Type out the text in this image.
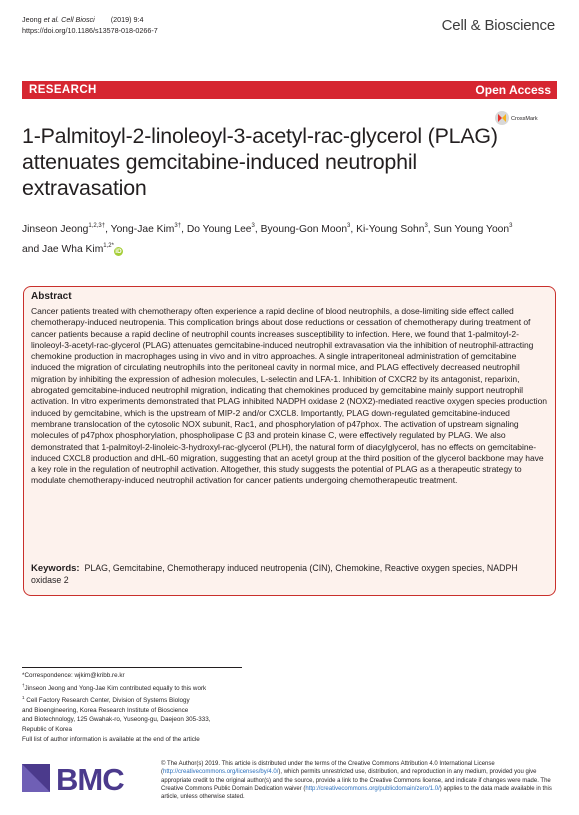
Jeong et al. Cell Biosci (2019) 9:4
https://doi.org/10.1186/s13578-018-0266-7	Cell & Bioscience
RESEARCH	Open Access
CrossMark
1-Palmitoyl-2-linoleoyl-3-acetyl-rac-glycerol (PLAG) attenuates gemcitabine-induced neutrophil extravasation
Jinseon Jeong$^{1,2,3\dagger}$, Yong-Jae Kim$^{3\dagger}$, Do Young Lee$^3$, Byoung-Gon Moon$^3$, Ki-Young Sohn$^3$, Sun Young Yoon$^3$
and Jae Wha Kim$^{1,2*}$iD
Abstract
Cancer patients treated with chemotherapy often experience a rapid decline of blood neutrophils, a dose-limiting side effect called chemotherapy-induced neutropenia. This complication brings about dose reductions or cessation of chemotherapy during treatment of cancer patients because a rapid decline of neutrophil counts increases susceptibility to infection. Here, we found that 1-palmitoyl-2-linoleoyl-3-acetyl-rac-glycerol (PLAG) attenuates gemcitabine-induced neutrophil extravasation via the inhibition of neutrophil-attracting chemokine production in macrophages using in vivo and in vitro approaches. A single intraperitoneal administration of gemcitabine induced the migration of circulating neutrophils into the peritoneal cavity in normal mice, and PLAG effectively decreased neutrophil migration by inhibiting the expression of adhesion molecules, L-selectin and LFA-1. Inhibition of CXCR2 by its antagonist, reparixin, abrogated gemcitabine-induced neutrophil migration, indicating that chemokines produced by gemcitabine mainly support neutrophil activation. In vitro experiments demonstrated that PLAG inhibited NADPH oxidase 2 (NOX2)-mediated reactive oxygen species production induced by gemcitabine, which is the upstream of MIP-2 and/or CXCL8. Importantly, PLAG down-regulated gemcitabine-induced membrane translocation of the cytosolic NOX subunit, Rac1, and phosphorylation of p47phox. The activation of upstream signaling molecules of p47phox phosphorylation, phospholipase C β3 and protein kinase C, were effectively regulated by PLAG. We also demonstrated that 1-palmitoyl-2-linoleic-3-hydroxyl-rac-glycerol (PLH), the natural form of diacylglycerol, has no effects on gemcitabine-induced CXCL8 production and dHL-60 migration, suggesting that an acetyl group at the third position of the glycerol backbone may have a key role in the regulation of neutrophil activation. Altogether, this study suggests the potential of PLAG as a therapeutic strategy to modulate chemotherapy-induced neutrophil activation for cancer patients undergoing chemotherapeutic treatment.
Keywords: PLAG, Gemcitabine, Chemotherapy induced neutropenia (CIN), Chemokine, Reactive oxygen species, NADPH oxidase 2
*Correspondence: wjkim@kribb.re.kr
†Jinseon Jeong and Yong-Jae Kim contributed equally to this work
$^1$ Cell Factory Research Center, Division of Systems Biology
and Bioengineering, Korea Research Institute of Bioscience
and Biotechnology, 125 Gwahak-ro, Yuseong-gu, Daejeon 305-333,
Republic of Korea
Full list of author information is available at the end of the article
BMC	© The Author(s) 2019. This article is distributed under the terms of the Creative Commons Attribution 4.0 International License (http://creativecommons.org/licenses/by/4.0/), which permits unrestricted use, distribution, and reproduction in any medium, provided you give appropriate credit to the original author(s) and the source, provide a link to the Creative Commons license, and indicate if changes were made. The Creative Commons Public Domain Dedication waiver (http://creativecommons.org/publicdomain/zero/1.0/) applies to the data made available in this article, unless otherwise stated.
